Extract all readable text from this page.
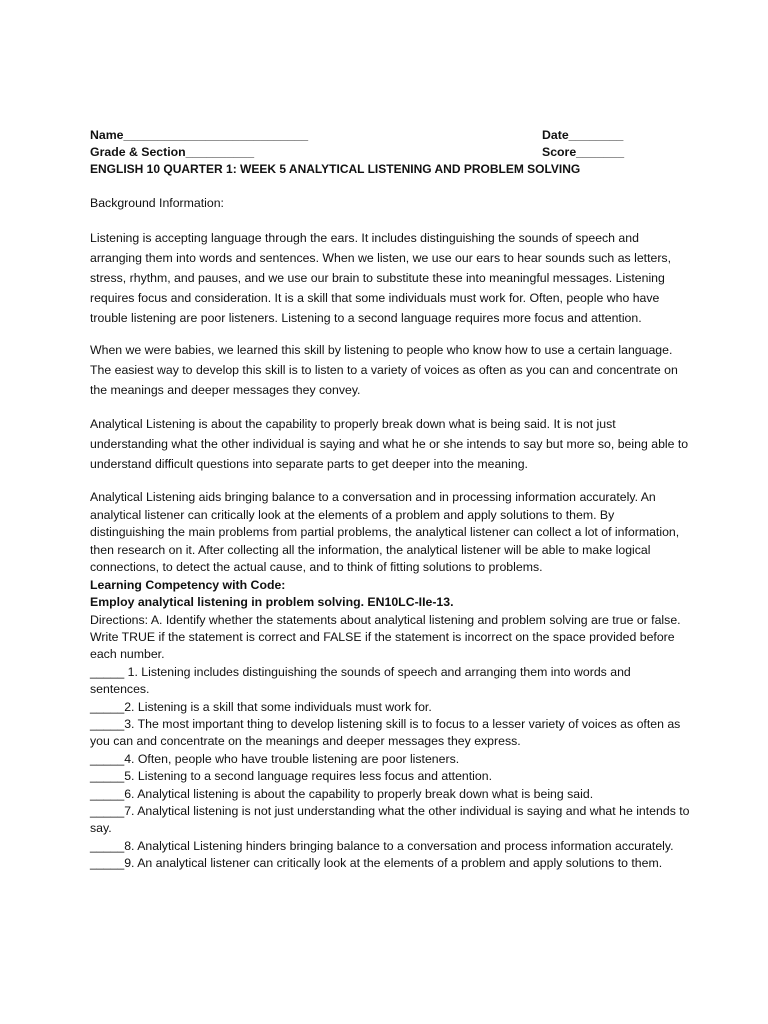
Name___________________________	Date________
Grade & Section__________	Score_______
ENGLISH 10 QUARTER 1: WEEK 5 ANALYTICAL LISTENING AND PROBLEM SOLVING
Background Information:
Listening is accepting language through the ears. It includes distinguishing the sounds of speech and arranging them into words and sentences. When we listen, we use our ears to hear sounds such as letters, stress, rhythm, and pauses, and we use our brain to substitute these into meaningful messages. Listening requires focus and consideration. It is a skill that some individuals must work for. Often, people who have trouble listening are poor listeners. Listening to a second language requires more focus and attention.
When we were babies, we learned this skill by listening to people who know how to use a certain language. The easiest way to develop this skill is to listen to a variety of voices as often as you can and concentrate on the meanings and deeper messages they convey.
Analytical Listening is about the capability to properly break down what is being said. It is not just understanding what the other individual is saying and what he or she intends to say but more so, being able to understand difficult questions into separate parts to get deeper into the meaning.
Analytical Listening aids bringing balance to a conversation and in processing information accurately. An analytical listener can critically look at the elements of a problem and apply solutions to them. By distinguishing the main problems from partial problems, the analytical listener can collect a lot of information, then research on it. After collecting all the information, the analytical listener will be able to make logical connections, to detect the actual cause, and to think of fitting solutions to problems.
Learning Competency with Code:
Employ analytical listening in problem solving. EN10LC-IIe-13.
Directions: A. Identify whether the statements about analytical listening and problem solving are true or false. Write TRUE if the statement is correct and FALSE if the statement is incorrect on the space provided before each number.
_____ 1. Listening includes distinguishing the sounds of speech and arranging them into words and sentences.
_____2. Listening is a skill that some individuals must work for.
_____3. The most important thing to develop listening skill is to focus to a lesser variety of voices as often as you can and concentrate on the meanings and deeper messages they express.
_____4. Often, people who have trouble listening are poor listeners.
_____5. Listening to a second language requires less focus and attention.
_____6. Analytical listening is about the capability to properly break down what is being said.
_____7. Analytical listening is not just understanding what the other individual is saying and what he intends to say.
_____8. Analytical Listening hinders bringing balance to a conversation and process information accurately.
_____9. An analytical listener can critically look at the elements of a problem and apply solutions to them.
